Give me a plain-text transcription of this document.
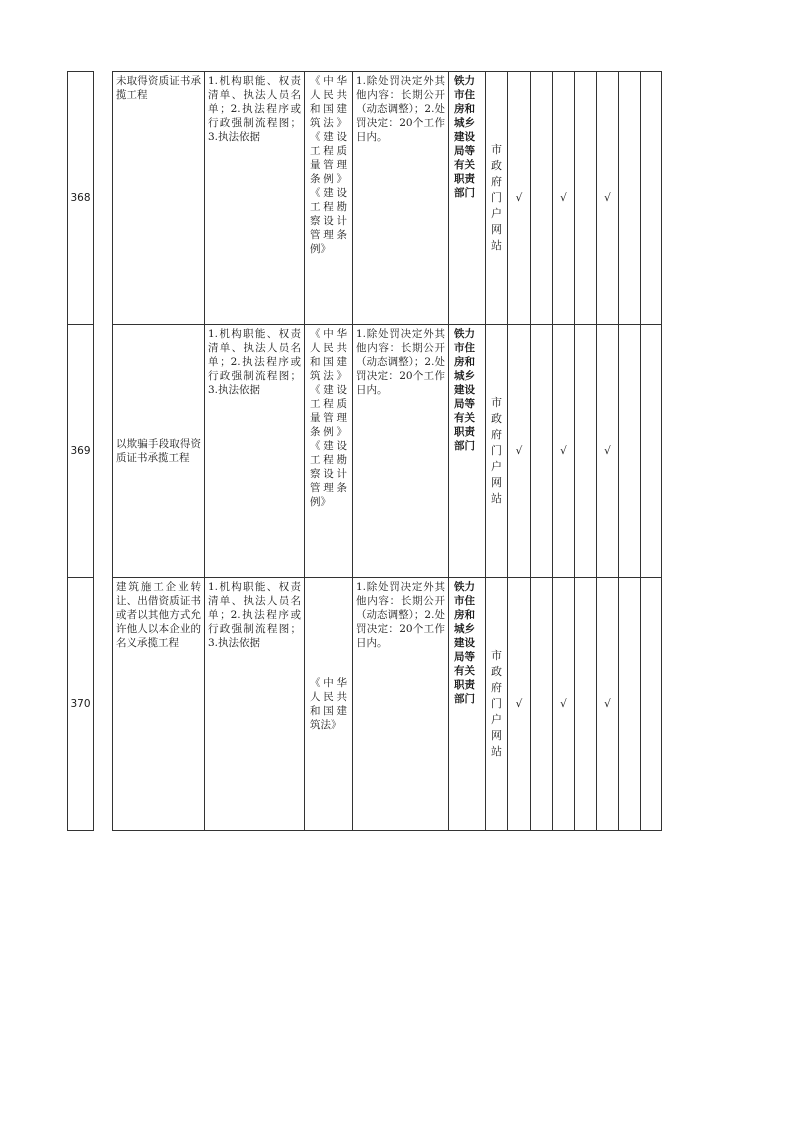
368		未取得资质证书承揽工程	1.机构职能、权责清单、执法人员名单；2.执法程序或行政强制流程图；3.执法依据	《中华人民共和国建筑法》《建设工程质量管理条例》《建设工程勘察设计管理条例》	1.除处罚决定外其他内容：长期公开（动态调整）；2.处罚决定：20个工作日内。	铁力市住房和城乡建设局等有关职责部门	市政府门户网站	√		√		√		
369		以欺骗手段取得资质证书承揽工程	1.机构职能、权责清单、执法人员名单；2.执法程序或行政强制流程图；3.执法依据	《中华人民共和国建筑法》《建设工程质量管理条例》《建设工程勘察设计管理条例》	1.除处罚决定外其他内容：长期公开（动态调整）；2.处罚决定：20个工作日内。	铁力市住房和城乡建设局等有关职责部门	市政府门户网站	√		√		√		
370		建筑施工企业转让、出借资质证书或者以其他方式允许他人以本企业的名义承揽工程	1.机构职能、权责清单、执法人员名单；2.执法程序或行政强制流程图；3.执法依据	《中华人民共和国建筑法》	1.除处罚决定外其他内容：长期公开（动态调整）；2.处罚决定：20个工作日内。	铁力市住房和城乡建设局等有关职责部门	市政府门户网站	√		√		√		
